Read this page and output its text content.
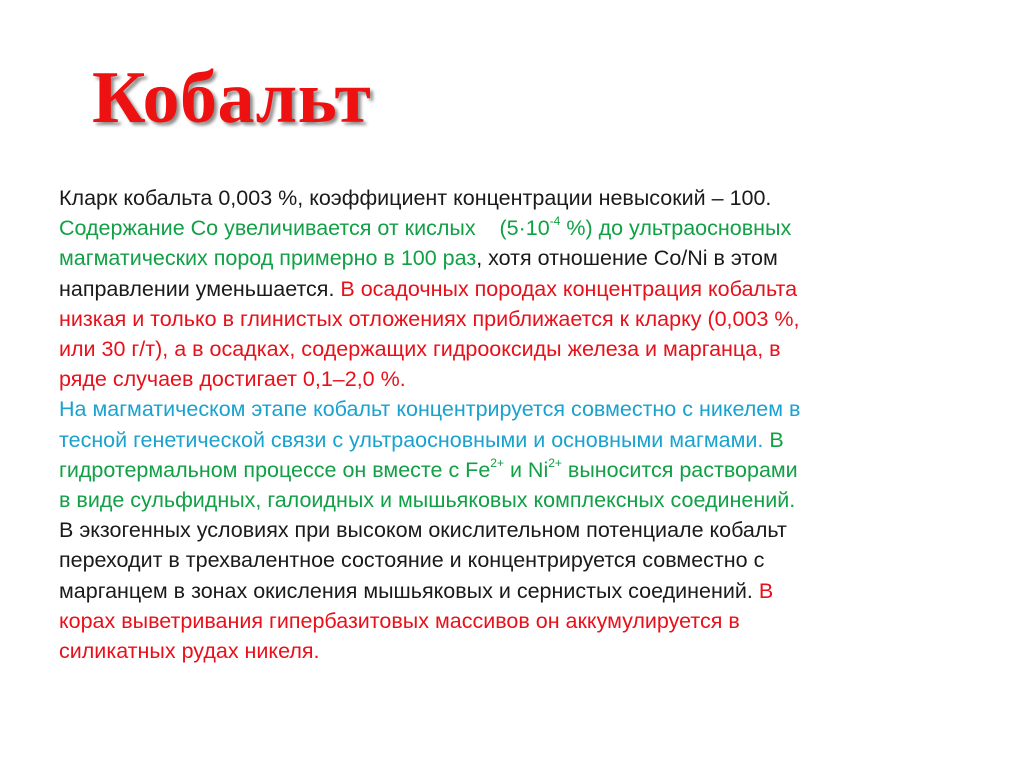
Кобальт

Кларк кобальта 0,003 %, коэффициент концентрации невысокий – 100.

Содержание Co увеличивается от кислых    ($5\cdot 10^{-4}$ %) до ультраосновных

магматических пород примерно в 100 раз, хотя отношение Co/Ni в этом

направлении уменьшается. В осадочных породах концентрация кобальта

низкая и только в глинистых отложениях приближается к кларку (0,003 %,

или 30 г/т), а в осадках, содержащих гидрооксиды железа и марганца, в

ряде случаев достигает 0,1–2,0 %.

На магматическом этапе кобальт концентрируется совместно с никелем в

тесной генетической связи с ультраосновными и основными магмами. В

гидротермальном процессе он вместе с $Fe^{2+}$ и $Ni^{2+}$ выносится растворами

в виде сульфидных, галоидных и мышьяковых комплексных соединений.

В экзогенных условиях при высоком окислительном потенциале кобальт

переходит в трехвалентное состояние и концентрируется совместно с

марганцем в зонах окисления мышьяковых и сернистых соединений. В

корах выветривания гипербазитовых массивов он аккумулируется в

силикатных рудах никеля.
